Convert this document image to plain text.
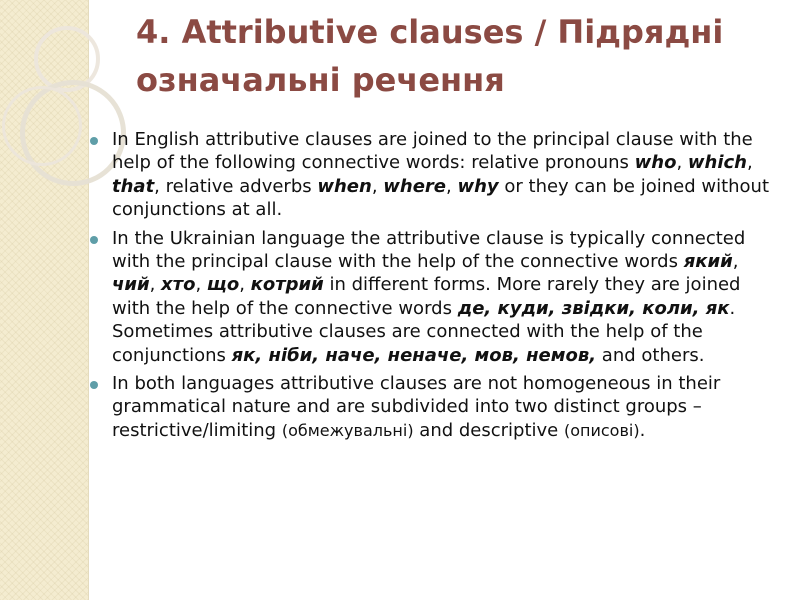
4. Attributive clauses / Підрядні
означальні речення
In English attributive clauses are joined to the principal clause with the help of the following connective words: relative pronouns who, which, that, relative adverbs when, where, why or they can be joined without conjunctions at all.
In the Ukrainian language the attributive clause is typically connected with the principal clause with the help of the connective words який, чий, хто, що, котрий in different forms. More rarely they are joined with the help of the connective words де, куди, звідки, коли, як. Sometimes attributive clauses are connected with the help of the conjunctions як, ніби, наче, неначе, мов, немов, and others.
In both languages attributive clauses are not homogeneous in their grammatical nature and are subdivided into two distinct groups – restrictive/limiting (обмежувальні) and descriptive (описові).
